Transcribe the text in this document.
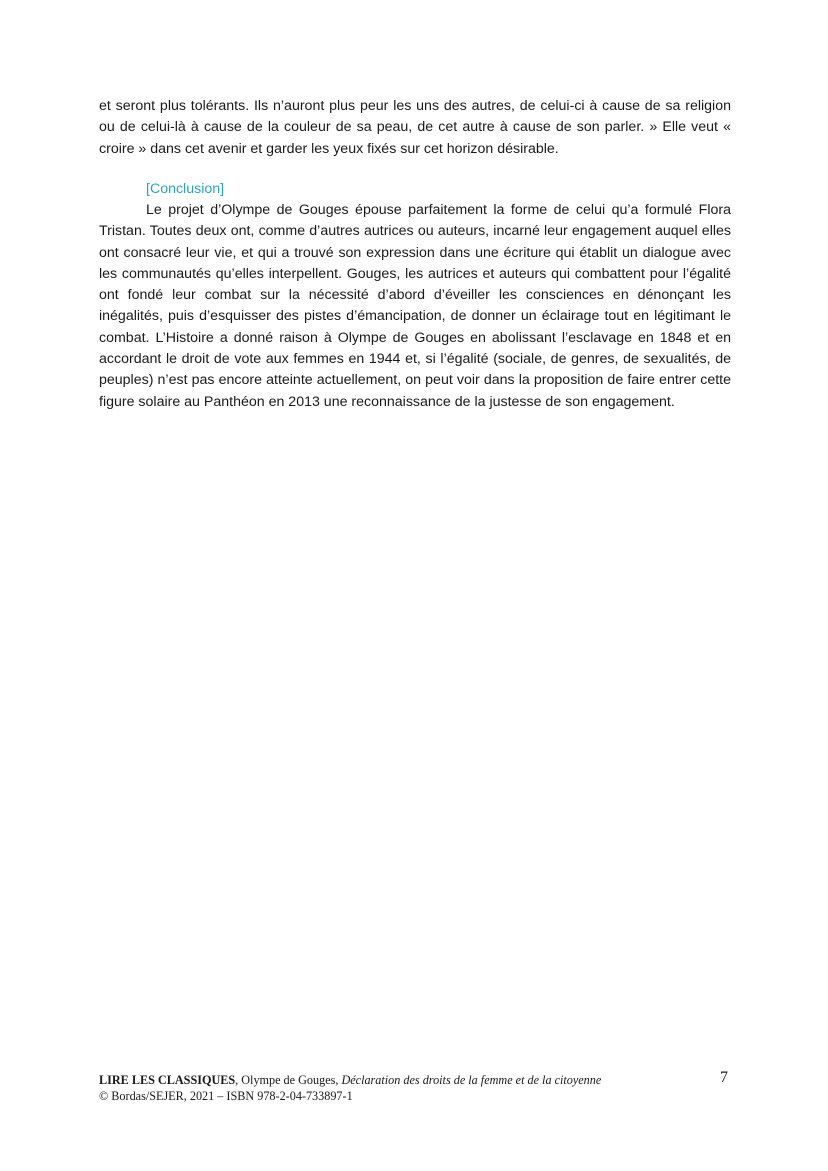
et seront plus tolérants. Ils n’auront plus peur les uns des autres, de celui-ci à cause de sa religion ou de celui-là à cause de la couleur de sa peau, de cet autre à cause de son parler. » Elle veut « croire » dans cet avenir et garder les yeux fixés sur cet horizon désirable.

[Conclusion]

Le projet d’Olympe de Gouges épouse parfaitement la forme de celui qu’a formulé Flora Tristan. Toutes deux ont, comme d’autres autrices ou auteurs, incarné leur engagement auquel elles ont consacré leur vie, et qui a trouvé son expression dans une écriture qui établit un dialogue avec les communautés qu’elles interpellent. Gouges, les autrices et auteurs qui combattent pour l’égalité ont fondé leur combat sur la nécessité d’abord d’éveiller les consciences en dénonçant les inégalités, puis d’esquisser des pistes d’émancipation, de donner un éclairage tout en légitimant le combat. L’Histoire a donné raison à Olympe de Gouges en abolissant l’esclavage en 1848 et en accordant le droit de vote aux femmes en 1944 et, si l’égalité (sociale, de genres, de sexualités, de peuples) n’est pas encore atteinte actuellement, on peut voir dans la proposition de faire entrer cette figure solaire au Panthéon en 2013 une reconnaissance de la justesse de son engagement.

LIRE LES CLASSIQUES, Olympe de Gouges, Déclaration des droits de la femme et de la citoyenne
© Bordas/SEJER, 2021 – ISBN 978-2-04-733897-1
7
